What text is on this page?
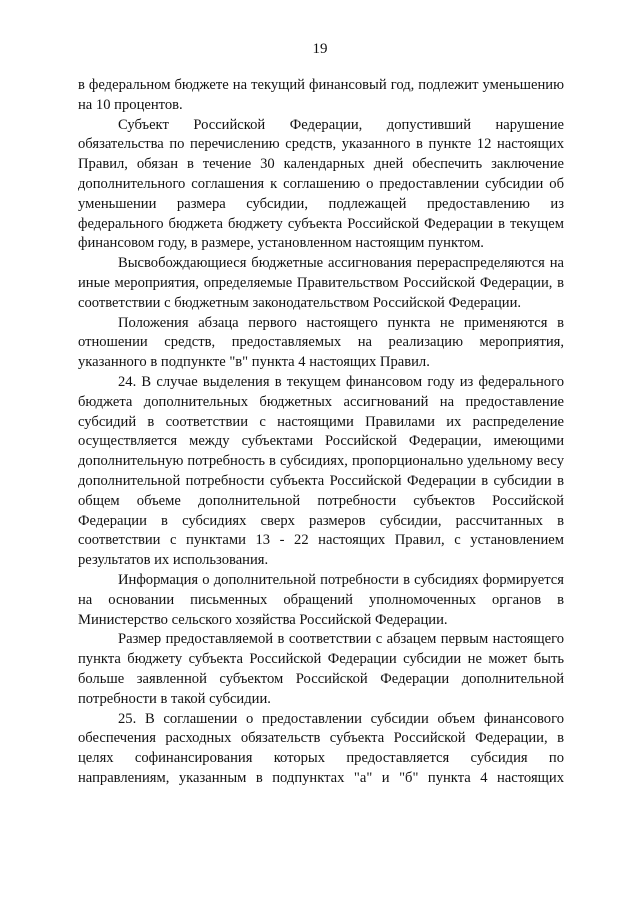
19

в федеральном бюджете на текущий финансовый год, подлежит уменьшению на 10 процентов.

Субъект Российской Федерации, допустивший нарушение обязательства по перечислению средств, указанного в пункте 12 настоящих Правил, обязан в течение 30 календарных дней обеспечить заключение дополнительного соглашения к соглашению о предоставлении субсидии об уменьшении размера субсидии, подлежащей предоставлению из федерального бюджета бюджету субъекта Российской Федерации в текущем финансовом году, в размере, установленном настоящим пунктом.

Высвобождающиеся бюджетные ассигнования перераспределяются на иные мероприятия, определяемые Правительством Российской Федерации, в соответствии с бюджетным законодательством Российской Федерации.

Положения абзаца первого настоящего пункта не применяются в отношении средств, предоставляемых на реализацию мероприятия, указанного в подпункте "в" пункта 4 настоящих Правил.

24. В случае выделения в текущем финансовом году из федерального бюджета дополнительных бюджетных ассигнований на предоставление субсидий в соответствии с настоящими Правилами их распределение осуществляется между субъектами Российской Федерации, имеющими дополнительную потребность в субсидиях, пропорционально удельному весу дополнительной потребности субъекта Российской Федерации в субсидии в общем объеме дополнительной потребности субъектов Российской Федерации в субсидиях сверх размеров субсидии, рассчитанных в соответствии с пунктами 13 - 22 настоящих Правил, с установлением результатов их использования.

Информация о дополнительной потребности в субсидиях формируется на основании письменных обращений уполномоченных органов в Министерство сельского хозяйства Российской Федерации.

Размер предоставляемой в соответствии с абзацем первым настоящего пункта бюджету субъекта Российской Федерации субсидии не может быть больше заявленной субъектом Российской Федерации дополнительной потребности в такой субсидии.

25. В соглашении о предоставлении субсидии объем финансового обеспечения расходных обязательств субъекта Российской Федерации, в целях софинансирования которых предоставляется субсидия по направлениям, указанным в подпунктах "а" и "б" пункта 4 настоящих
